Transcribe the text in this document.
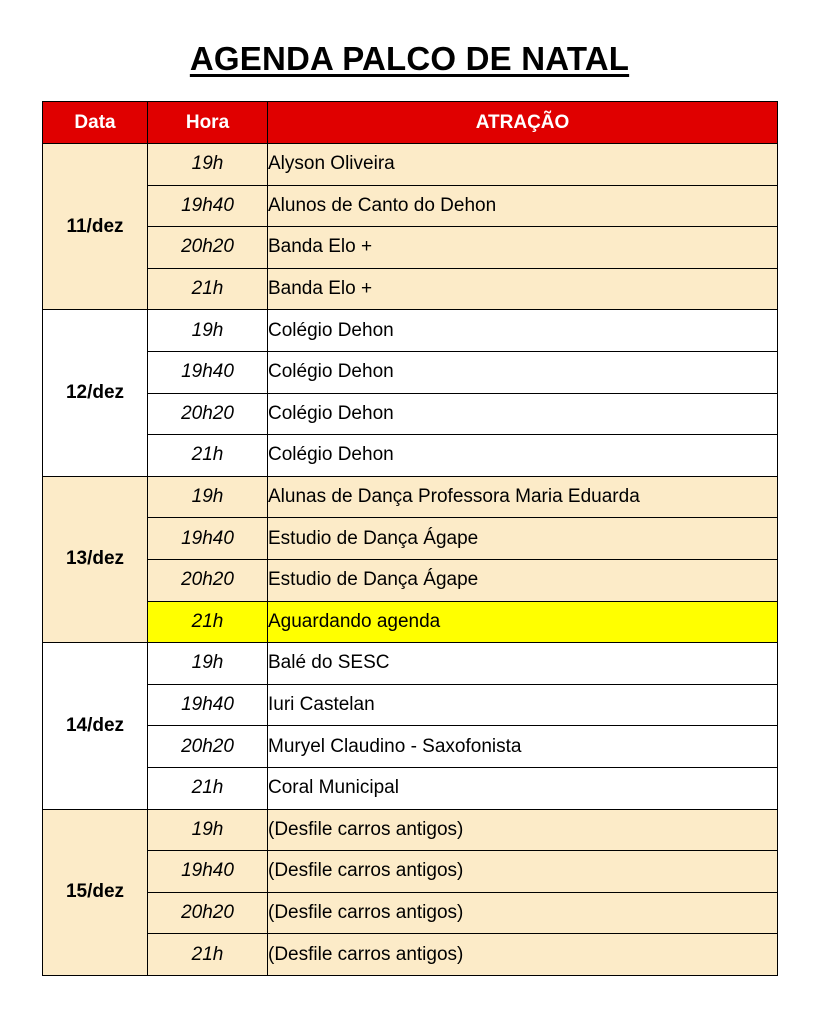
AGENDA PALCO DE NATAL
Data	Hora	ATRAÇÃO
11/dez	19h	Alyson Oliveira
	19h40	Alunos de Canto do Dehon
	20h20	Banda Elo +
	21h	Banda Elo +
12/dez	19h	Colégio Dehon
	19h40	Colégio Dehon
	20h20	Colégio Dehon
	21h	Colégio Dehon
13/dez	19h	Alunas de Dança Professora Maria Eduarda
	19h40	Estudio de Dança Ágape
	20h20	Estudio de Dança Ágape
	21h	Aguardando agenda
14/dez	19h	Balé do SESC
	19h40	Iuri Castelan
	20h20	Muryel Claudino - Saxofonista
	21h	Coral Municipal
15/dez	19h	(Desfile carros antigos)
	19h40	(Desfile carros antigos)
	20h20	(Desfile carros antigos)
	21h	(Desfile carros antigos)
